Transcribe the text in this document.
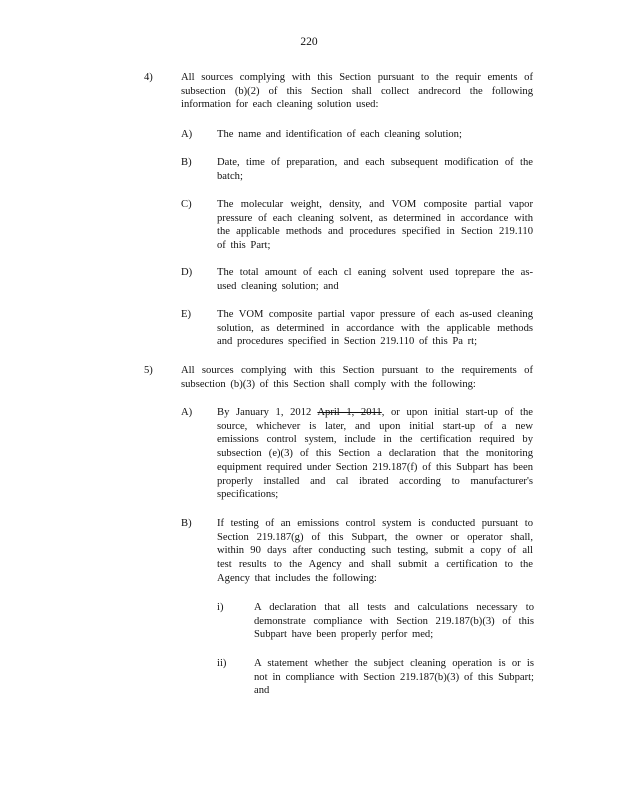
220
4)	All sources complying with this Section pursuant to the requir ements of subsection (b)(2) of this Section shall collect andrecord the following information for each cleaning solution used:
A) The name and identification of each cleaning solution;
B) Date, time of preparation, and each subsequent modification of the batch;
C) The molecular weight, density, and VOM composite partial vapor pressure of each cleaning solvent, as determined in accordance with the applicable methods and procedures specified in Section 219.110 of this Part;
D) The total amount of each cl eaning solvent used toprepare the as-used cleaning solution; and
E) The VOM composite partial vapor pressure of each as-used cleaning solution, as determined in accordance with the applicable methods and procedures specified in Section 219.110 of this Pa rt;
5)	All sources complying with this Section pursuant to the requirements of subsection (b)(3) of this Section shall comply with the following:
A) By January 1, 2012 April 1, 2011, or upon initial start-up of the source, whichever is later, and upon initial start-up of a new emissions control system, include in the certification required by subsection (e)(3) of this Section a declaration that the monitoring equipment required under Section 219.187(f) of this Subpart has been properly installed and cal ibrated according to manufacturer's specifications;
B) If testing of an emissions control system is conducted pursuant to Section 219.187(g) of this Subpart, the owner or operator shall, within 90 days after conducting such testing, submit a copy of all test results to the Agency and shall submit a certification to the Agency that includes the following:
i)	A declaration that all tests and calculations necessary to demonstrate compliance with Section 219.187(b)(3) of this Subpart have been properly perfor med;
ii)	A statement whether the subject cleaning operation is or is not in compliance with Section 219.187(b)(3) of this Subpart; and
